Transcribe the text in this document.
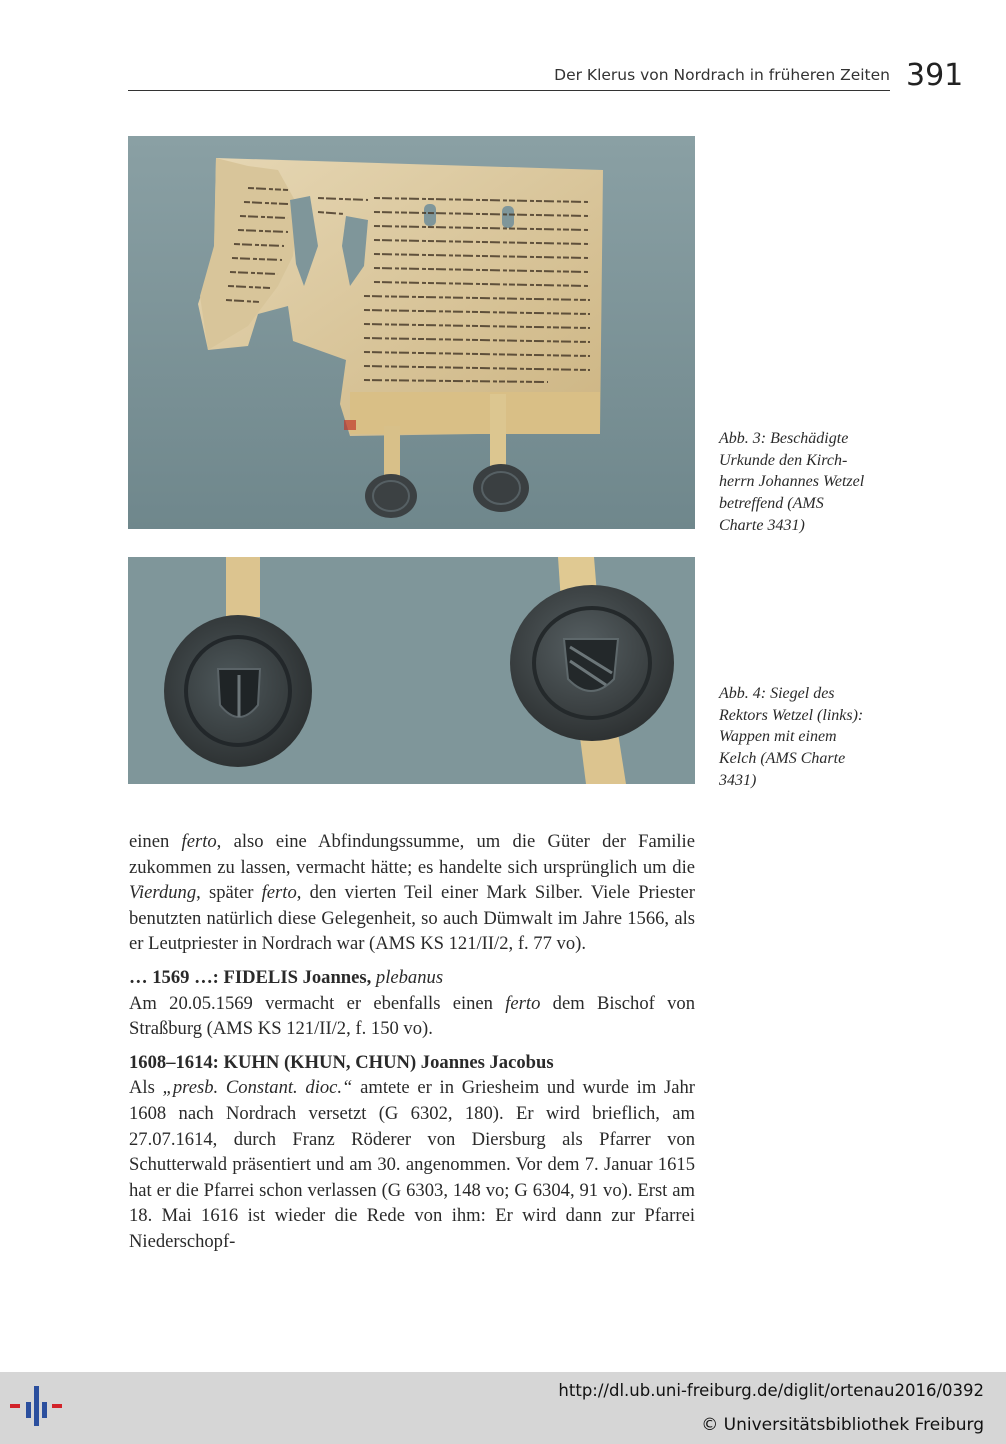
Der Klerus von Nordrach in früheren Zeiten 391
Abb. 3: Beschädigte
Urkunde den Kirch-
herrn Johannes Wetzel
betreffend (AMS
Charte 3431)
Abb. 4: Siegel des
Rektors Wetzel (links):
Wappen mit einem
Kelch (AMS Charte
3431)

einen ferto, also eine Abfindungssumme, um die Güter der Familie zukommen zu lassen, vermacht hätte; es handelte sich ursprünglich um die Vierdung, später ferto, den vierten Teil einer Mark Silber. Viele Priester benutzten natürlich diese Gelegenheit, so auch Dümwalt im Jahre 1566, als er Leutpriester in Nordrach war (AMS KS 121/II/2, f. 77 vo).

… 1569 …: FIDELIS Joannes, plebanus

Am 20.05.1569 vermacht er ebenfalls einen ferto dem Bischof von Straßburg (AMS KS 121/II/2, f. 150 vo).

1608–1614: KUHN (KHUN, CHUN) Joannes Jacobus

Als „presb. Constant. dioc.“ amtete er in Griesheim und wurde im Jahr 1608 nach Nordrach versetzt (G 6302, 180). Er wird brieflich, am 27.07.1614, durch Franz Röderer von Diersburg als Pfarrer von Schutterwald präsentiert und am 30. angenommen. Vor dem 7. Januar 1615 hat er die Pfarrei schon verlassen (G 6303, 148 vo; G 6304, 91 vo). Erst am 18. Mai 1616 ist wieder die Rede von ihm: Er wird dann zur Pfarrei Niederschopf-

http://dl.ub.uni-freiburg.de/diglit/ortenau2016/0392
© Universitätsbibliothek Freiburg
